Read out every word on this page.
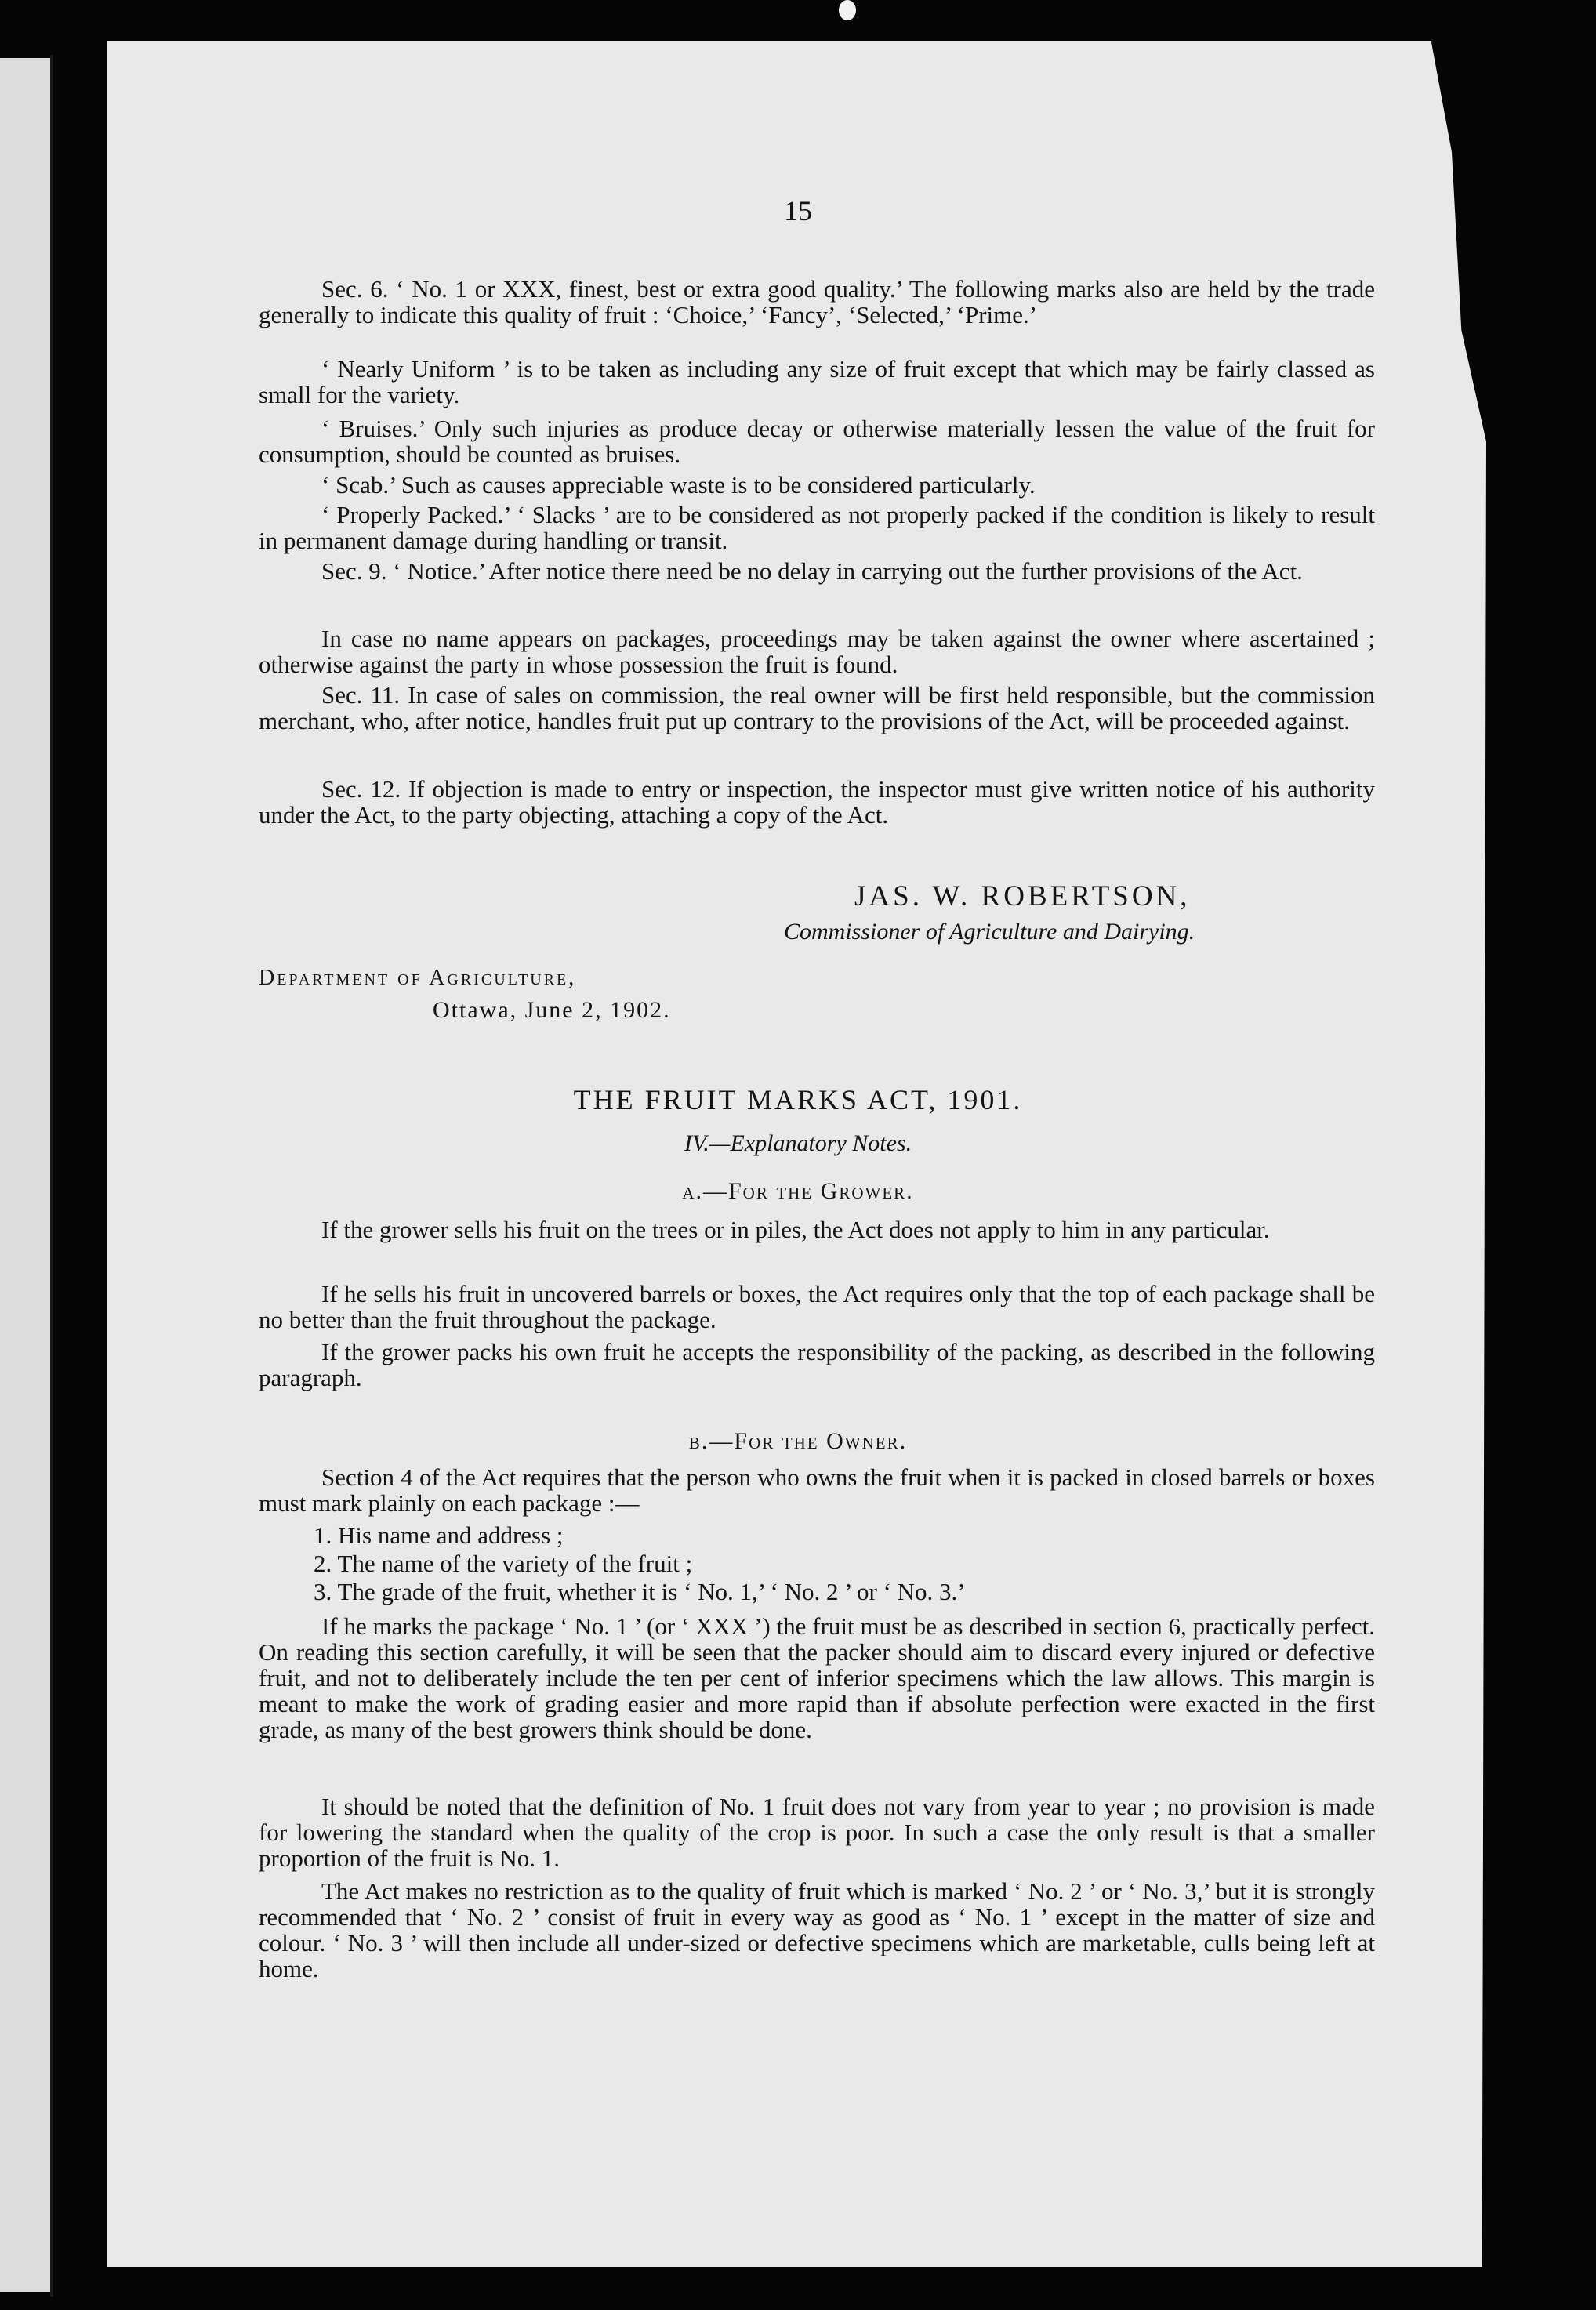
15
Sec. 6. ‘ No. 1 or XXX, finest, best or extra good quality.’ The following marks also are held by the trade generally to indicate this quality of fruit : ‘Choice,’ ‘Fancy’, ‘Selected,’ ‘Prime.’
‘ Nearly Uniform ’ is to be taken as including any size of fruit except that which may be fairly classed as small for the variety.
‘ Bruises.’ Only such injuries as produce decay or otherwise materially lessen the value of the fruit for consumption, should be counted as bruises.
‘ Scab.’ Such as causes appreciable waste is to be considered particularly.
‘ Properly Packed.’ ‘ Slacks ’ are to be considered as not properly packed if the condition is likely to result in permanent damage during handling or transit.
Sec. 9. ‘ Notice.’ After notice there need be no delay in carrying out the further provisions of the Act.
In case no name appears on packages, proceedings may be taken against the owner where ascertained ; otherwise against the party in whose possession the fruit is found.
Sec. 11. In case of sales on commission, the real owner will be first held responsible, but the commission merchant, who, after notice, handles fruit put up contrary to the provisions of the Act, will be proceeded against.
Sec. 12. If objection is made to entry or inspection, the inspector must give written notice of his authority under the Act, to the party objecting, attaching a copy of the Act.
JAS. W. ROBERTSON,
Commissioner of Agriculture and Dairying.
Department of Agriculture,
Ottawa, June 2, 1902.
THE FRUIT MARKS ACT, 1901.
IV.—Explanatory Notes.
a.—For the Grower.
If the grower sells his fruit on the trees or in piles, the Act does not apply to him in any particular.
If he sells his fruit in uncovered barrels or boxes, the Act requires only that the top of each package shall be no better than the fruit throughout the package.
If the grower packs his own fruit he accepts the responsibility of the packing, as described in the following paragraph.
b.—For the Owner.
Section 4 of the Act requires that the person who owns the fruit when it is packed in closed barrels or boxes must mark plainly on each package :—
1. His name and address ;
2. The name of the variety of the fruit ;
3. The grade of the fruit, whether it is ‘ No. 1,’ ‘ No. 2 ’ or ‘ No. 3.’
If he marks the package ‘ No. 1 ’ (or ‘ XXX ’) the fruit must be as described in section 6, practically perfect. On reading this section carefully, it will be seen that the packer should aim to discard every injured or defective fruit, and not to deliberately include the ten per cent of inferior specimens which the law allows. This margin is meant to make the work of grading easier and more rapid than if absolute perfection were exacted in the first grade, as many of the best growers think should be done.
It should be noted that the definition of No. 1 fruit does not vary from year to year ; no provision is made for lowering the standard when the quality of the crop is poor. In such a case the only result is that a smaller proportion of the fruit is No. 1.
The Act makes no restriction as to the quality of fruit which is marked ‘ No. 2 ’ or ‘ No. 3,’ but it is strongly recommended that ‘ No. 2 ’ consist of fruit in every way as good as ‘ No. 1 ’ except in the matter of size and colour. ‘ No. 3 ’ will then include all under-sized or defective specimens which are marketable, culls being left at home.
